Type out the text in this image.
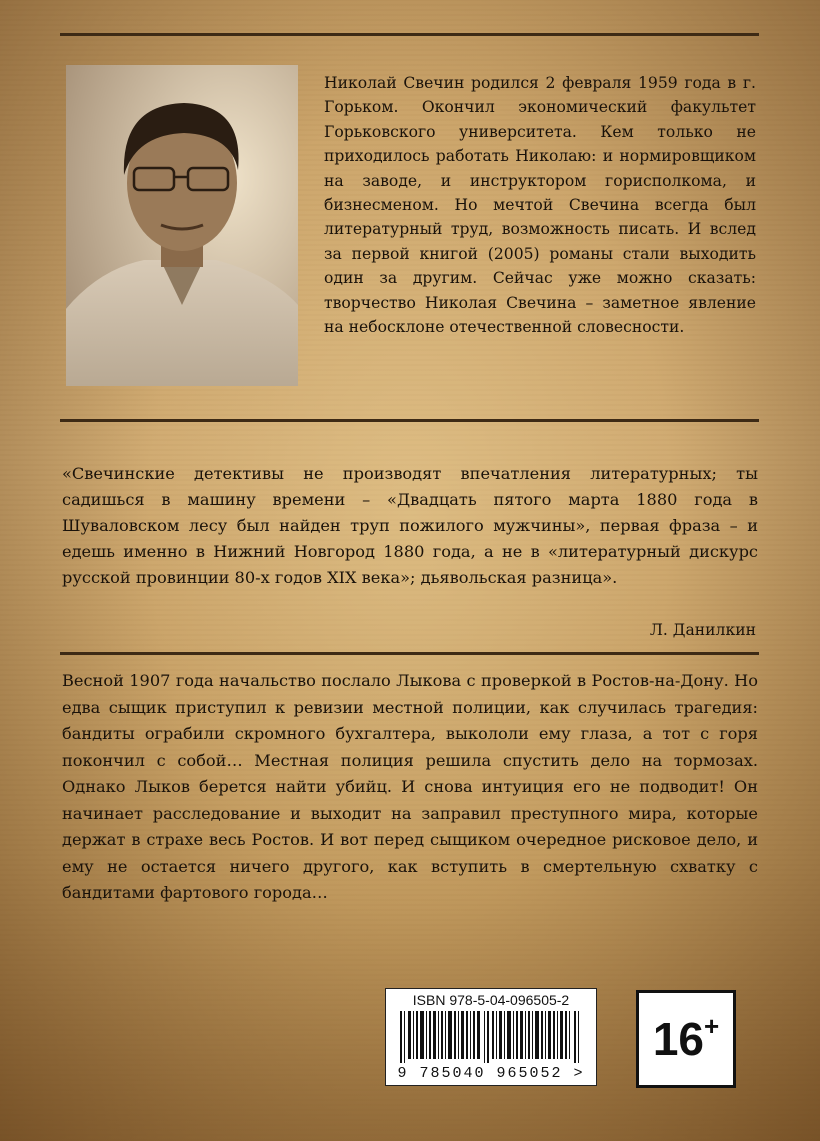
Николай Свечин родился 2 февраля 1959 года в г. Горьком. Окончил экономический факультет Горьковского университета. Кем только не приходилось работать Николаю: и нормировщиком на заводе, и инструктором горисполкома, и бизнесменом. Но мечтой Свечина всегда был литературный труд, возможность писать. И вслед за первой книгой (2005) романы стали выходить один за другим. Сейчас уже можно сказать: творчество Николая Свечина – заметное явление на небосклоне отечественной словесности.

«Свечинские детективы не производят впечатления литературных; ты садишься в машину времени – «Двадцать пятого марта 1880 года в Шуваловском лесу был найден труп пожилого мужчины», первая фраза – и едешь именно в Нижний Новгород 1880 года, а не в «литературный дискурс русской провинции 80-х годов XIX века»; дьявольская разница».

Л. Данилкин

Весной 1907 года начальство послало Лыкова с проверкой в Ростов-на-Дону. Но едва сыщик приступил к ревизии местной полиции, как случилась трагедия: бандиты ограбили скромного бухгалтера, выкололи ему глаза, а тот с горя покончил с собой… Местная полиция решила спустить дело на тормозах. Однако Лыков берется найти убийц. И снова интуиция его не подводит! Он начинает расследование и выходит на заправил преступного мира, которые держат в страхе весь Ростов. И вот перед сыщиком очередное рисковое дело, и ему не остается ничего другого, как вступить в смертельную схватку с бандитами фартового города…

ISBN 978-5-04-096505-2
9 785040 965052 >
16 +
